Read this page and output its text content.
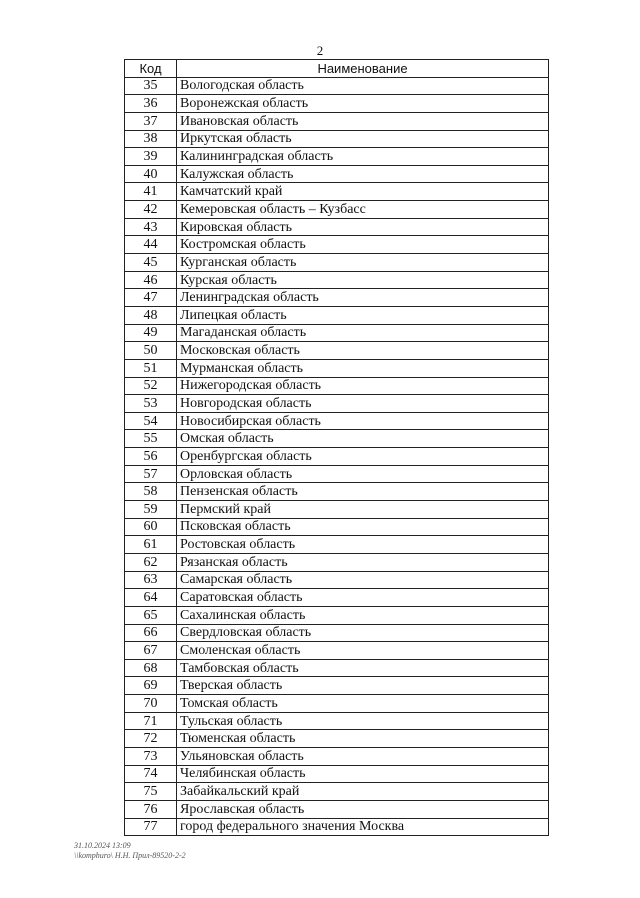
2
Код	Наименование
35	Вологодская область
36	Воронежская область
37	Ивановская область
38	Иркутская область
39	Калининградская область
40	Калужская область
41	Камчатский край
42	Кемеровская область – Кузбасс
43	Кировская область
44	Костромская область
45	Курганская область
46	Курская область
47	Ленинградская область
48	Липецкая область
49	Магаданская область
50	Московская область
51	Мурманская область
52	Нижегородская область
53	Новгородская область
54	Новосибирская область
55	Омская область
56	Оренбургская область
57	Орловская область
58	Пензенская область
59	Пермский край
60	Псковская область
61	Ростовская область
62	Рязанская область
63	Самарская область
64	Саратовская область
65	Сахалинская область
66	Свердловская область
67	Смоленская область
68	Тамбовская область
69	Тверская область
70	Томская область
71	Тульская область
72	Тюменская область
73	Ульяновская область
74	Челябинская область
75	Забайкальский край
76	Ярославская область
77	город федерального значения Москва
31.10.2024 13:09
\\komphuro\ Н.Н. Прил-89520-2-2
